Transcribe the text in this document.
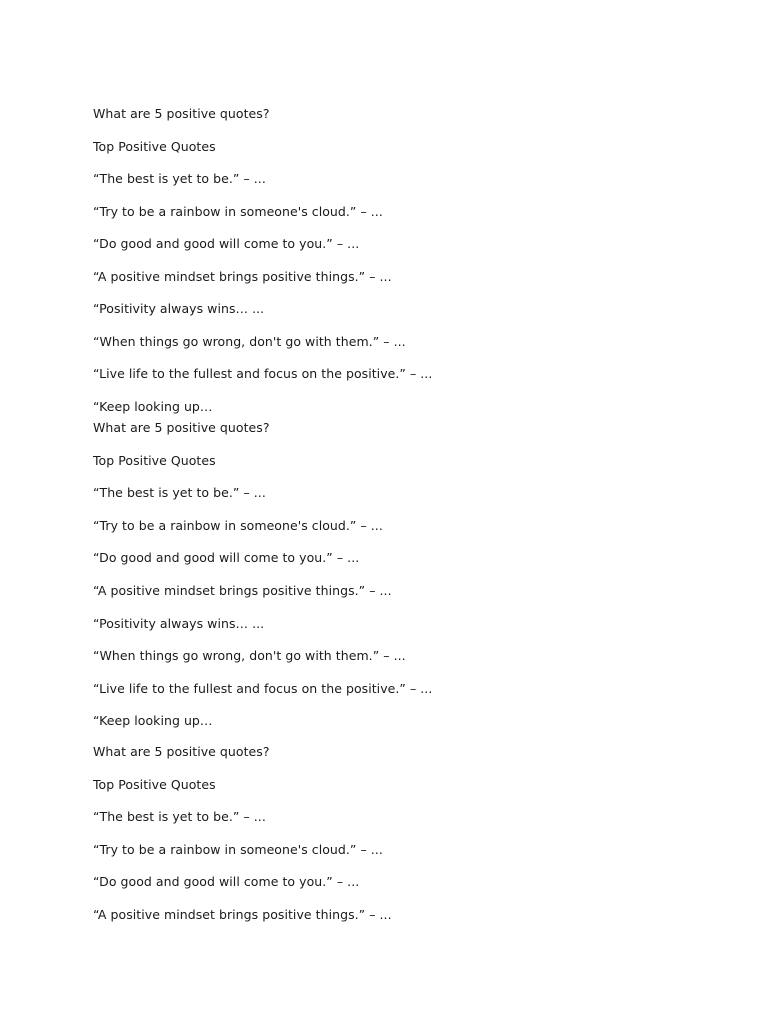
What are 5 positive quotes?
Top Positive Quotes
“The best is yet to be.” – ...
“Try to be a rainbow in someone's cloud.” – ...
“Do good and good will come to you.” – ...
“A positive mindset brings positive things.” – ...
“Positivity always wins… ...
“When things go wrong, don't go with them.” – ...
“Live life to the fullest and focus on the positive.” – ...
“Keep looking up…
What are 5 positive quotes?
Top Positive Quotes
“The best is yet to be.” – ...
“Try to be a rainbow in someone's cloud.” – ...
“Do good and good will come to you.” – ...
“A positive mindset brings positive things.” – ...
“Positivity always wins… ...
“When things go wrong, don't go with them.” – ...
“Live life to the fullest and focus on the positive.” – ...
“Keep looking up…
What are 5 positive quotes?
Top Positive Quotes
“The best is yet to be.” – ...
“Try to be a rainbow in someone's cloud.” – ...
“Do good and good will come to you.” – ...
“A positive mindset brings positive things.” – ...
